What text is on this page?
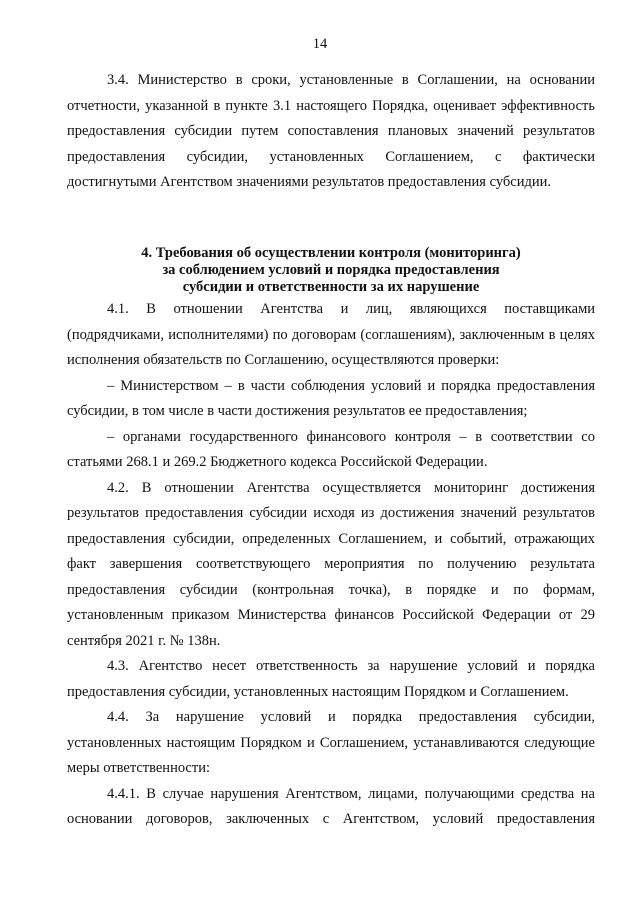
14

3.4. Министерство в сроки, установленные в Соглашении, на основании отчетности, указанной в пункте 3.1 настоящего Порядка, оценивает эффективность предоставления субсидии путем сопоставления плановых значений результатов предоставления субсидии, установленных Соглашением, с фактически достигнутыми Агентством значениями результатов предоставления субсидии.

4. Требования об осуществлении контроля (мониторинга)
за соблюдением условий и порядка предоставления
субсидии и ответственности за их нарушение

4.1. В отношении Агентства и лиц, являющихся поставщиками (подрядчиками, исполнителями) по договорам (соглашениям), заключенным в целях исполнения обязательств по Соглашению, осуществляются проверки:

– Министерством – в части соблюдения условий и порядка предоставления субсидии, в том числе в части достижения результатов ее предоставления;

– органами государственного финансового контроля – в соответствии со статьями 268.1 и 269.2 Бюджетного кодекса Российской Федерации.

4.2. В отношении Агентства осуществляется мониторинг достижения результатов предоставления субсидии исходя из достижения значений результатов предоставления субсидии, определенных Соглашением, и событий, отражающих факт завершения соответствующего мероприятия по получению результата предоставления субсидии (контрольная точка), в порядке и по формам, установленным приказом Министерства финансов Российской Федерации от 29 сентября 2021 г. № 138н.

4.3. Агентство несет ответственность за нарушение условий и порядка предоставления субсидии, установленных настоящим Порядком и Соглашением.

4.4. За нарушение условий и порядка предоставления субсидии, установленных настоящим Порядком и Соглашением, устанавливаются следующие меры ответственности:

4.4.1. В случае нарушения Агентством, лицами, получающими средства на основании договоров, заключенных с Агентством, условий предоставления
